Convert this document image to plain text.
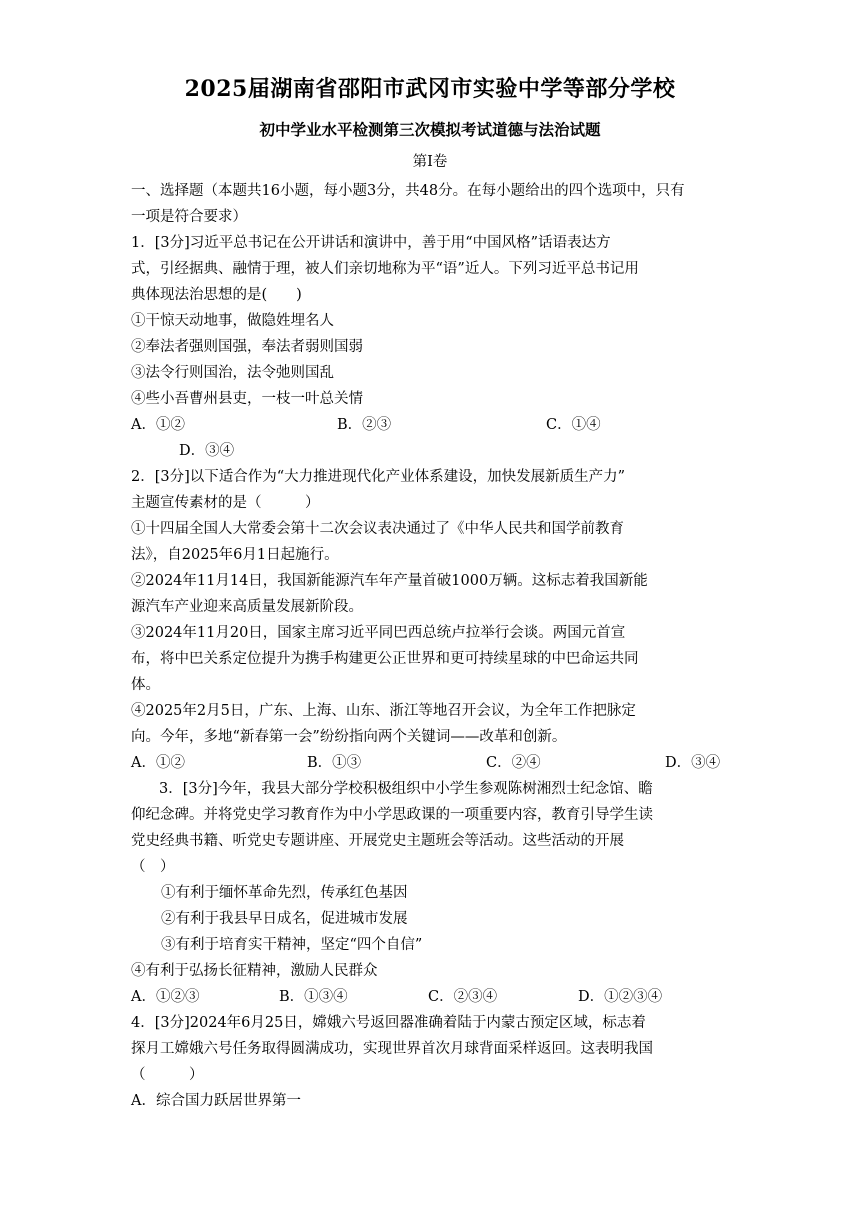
2025届湖南省邵阳市武冈市实验中学等部分学校
初中学业水平检测第三次模拟考试道德与法治试题
第Ⅰ卷
一、选择题（本题共16小题，每小题3分，共48分。在每小题给出的四个选项中，只有
一项是符合要求）
1．[3分]习近平总书记在公开讲话和演讲中，善于用“中国风格”话语表达方
式，引经据典、融情于理，被人们亲切地称为平“语”近人。下列习近平总书记用
典体现法治思想的是(　　)
①干惊天动地事，做隐姓埋名人
②奉法者强则国强，奉法者弱则国弱
③法令行则国治，法令弛则国乱
④些小吾曹州县吏，一枝一叶总关情
A．①②	B．②③	C．①④
D．③④
2．[3分]以下适合作为“大力推进现代化产业体系建设，加快发展新质生产力”
主题宣传素材的是（　　　）
①十四届全国人大常委会第十二次会议表决通过了《中华人民共和国学前教育
法》，自2025年6月1日起施行。
②2024年11月14日，我国新能源汽车年产量首破1000万辆。这标志着我国新能
源汽车产业迎来高质量发展新阶段。
③2024年11月20日，国家主席习近平同巴西总统卢拉举行会谈。两国元首宣
布，将中巴关系定位提升为携手构建更公正世界和更可持续星球的中巴命运共同
体。
④2025年2月5日，广东、上海、山东、浙江等地召开会议，为全年工作把脉定
向。今年，多地“新春第一会”纷纷指向两个关键词——改革和创新。
A．①②	B．①③	C．②④	D．③④
3．[3分]今年，我县大部分学校积极组织中小学生参观陈树湘烈士纪念馆、瞻
仰纪念碑。并将党史学习教育作为中小学思政课的一项重要内容，教育引导学生读
党史经典书籍、听党史专题讲座、开展党史主题班会等活动。这些活动的开展
（　）
①有利于缅怀革命先烈，传承红色基因
②有利于我县早日成名，促进城市发展
③有利于培育实干精神，坚定“四个自信”
④有利于弘扬长征精神，激励人民群众
A．①②③	B．①③④	C．②③④	D．①②③④
4．[3分]2024年6月25日，嫦娥六号返回器准确着陆于内蒙古预定区域，标志着
探月工嫦娥六号任务取得圆满成功，实现世界首次月球背面采样返回。这表明我国
（　　　）
A．综合国力跃居世界第一
